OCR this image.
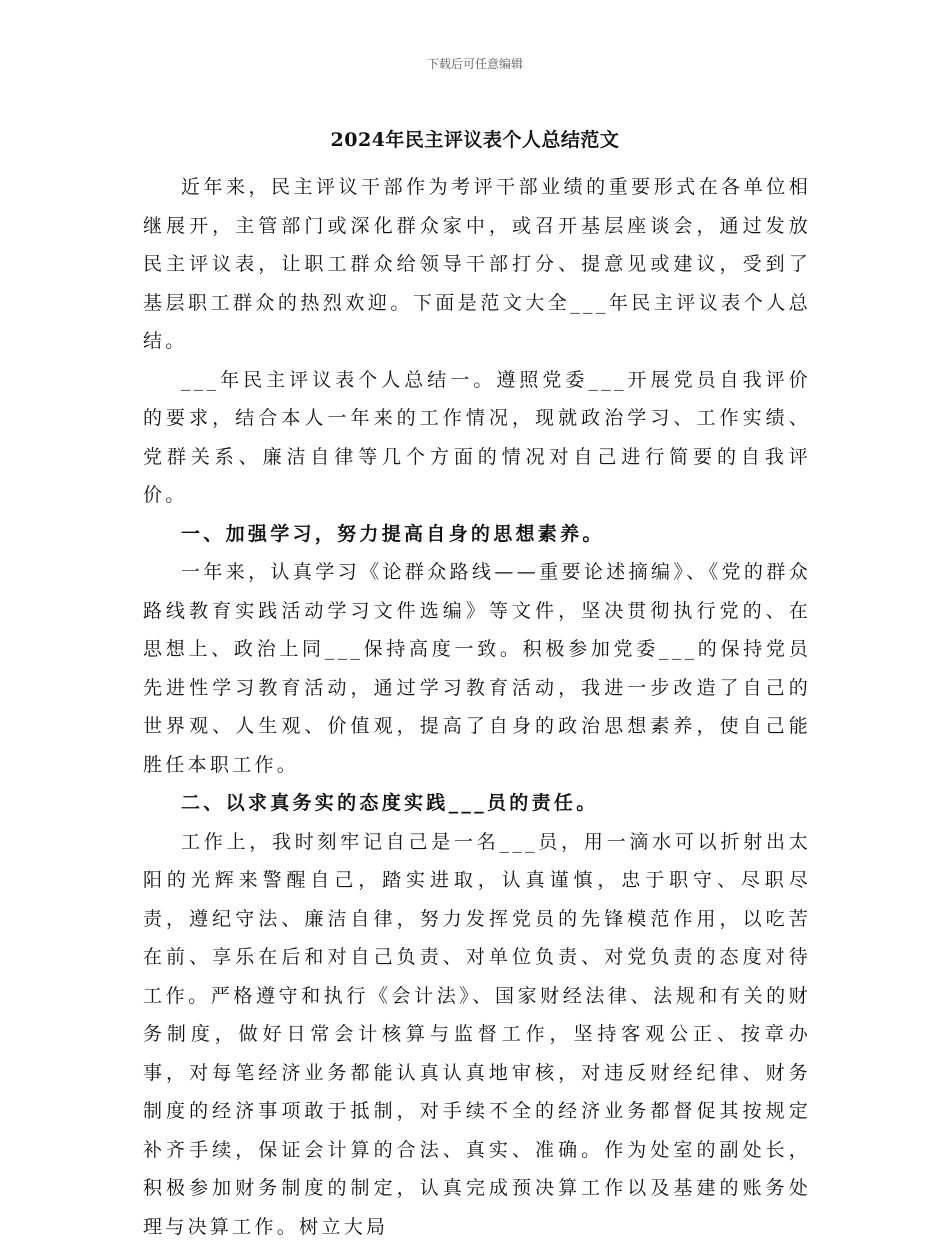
下载后可任意编辑
2024年民主评议表个人总结范文

近年来，民主评议干部作为考评干部业绩的重要形式在各单位相继展开，主管部门或深化群众家中，或召开基层座谈会，通过发放民主评议表，让职工群众给领导干部打分、提意见或建议，受到了基层职工群众的热烈欢迎。下面是范文大全___年民主评议表个人总结。

___年民主评议表个人总结一。遵照党委___开展党员自我评价的要求，结合本人一年来的工作情况，现就政治学习、工作实绩、党群关系、廉洁自律等几个方面的情况对自己进行简要的自我评价。

一、加强学习，努力提高自身的思想素养。

一年来，认真学习《论群众路线——重要论述摘编》、《党的群众路线教育实践活动学习文件选编》等文件，坚决贯彻执行党的、在思想上、政治上同___保持高度一致。积极参加党委___的保持党员先进性学习教育活动，通过学习教育活动，我进一步改造了自己的世界观、人生观、价值观，提高了自身的政治思想素养，使自己能胜任本职工作。

二、以求真务实的态度实践___员的责任。

工作上，我时刻牢记自己是一名___员，用一滴水可以折射出太阳的光辉来警醒自己，踏实进取，认真谨慎，忠于职守、尽职尽责，遵纪守法、廉洁自律，努力发挥党员的先锋模范作用，以吃苦在前、享乐在后和对自己负责、对单位负责、对党负责的态度对待工作。严格遵守和执行《会计法》、国家财经法律、法规和有关的财务制度，做好日常会计核算与监督工作，坚持客观公正、按章办事，对每笔经济业务都能认真认真地审核，对违反财经纪律、财务制度的经济事项敢于抵制，对手续不全的经济业务都督促其按规定补齐手续，保证会计算的合法、真实、准确。作为处室的副处长，积极参加财务制度的制定，认真完成预决算工作以及基建的账务处理与决算工作。树立大局
